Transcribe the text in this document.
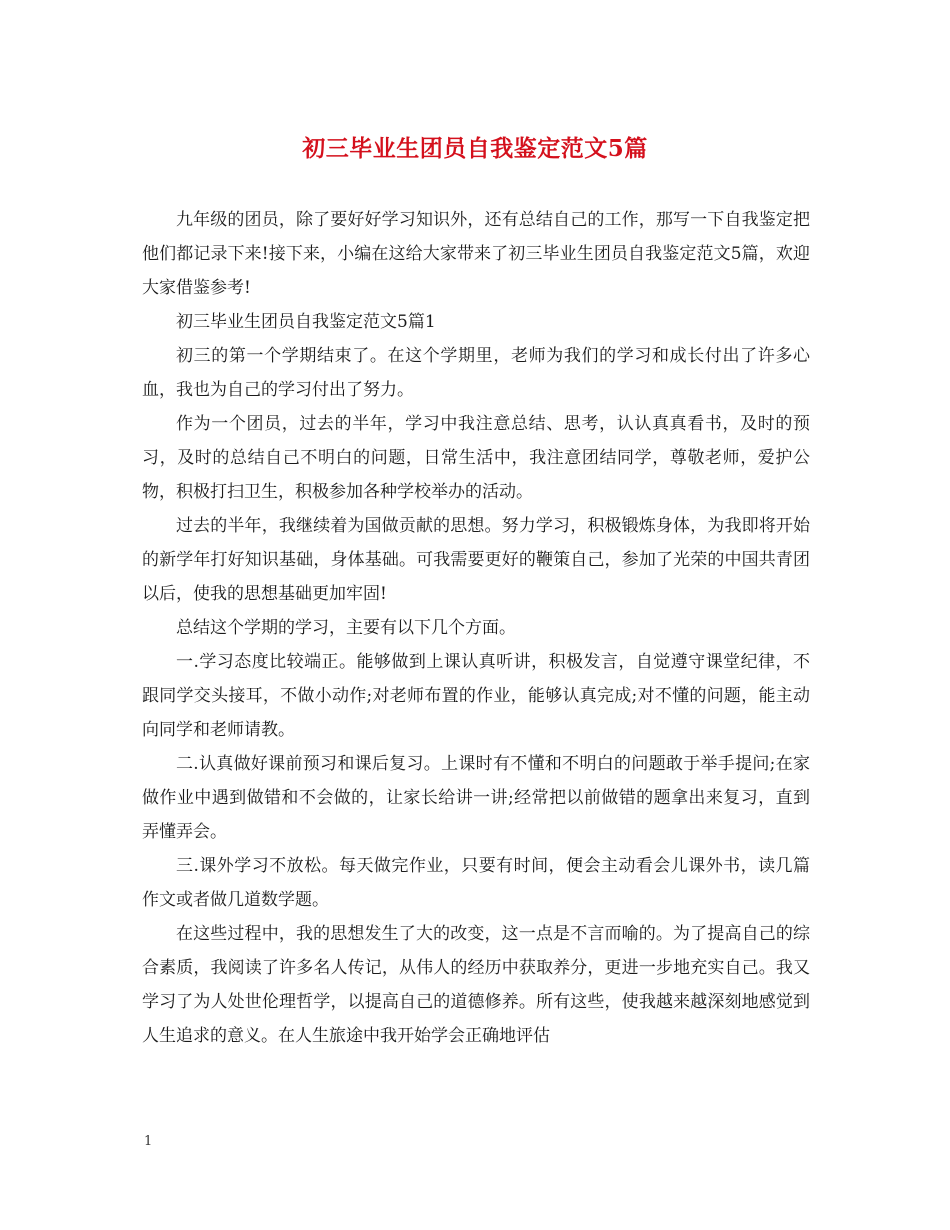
初三毕业生团员自我鉴定范文5篇

九年级的团员，除了要好好学习知识外，还有总结自己的工作，那写一下自我鉴定把他们都记录下来!接下来，小编在这给大家带来了初三毕业生团员自我鉴定范文5篇，欢迎大家借鉴参考!

初三毕业生团员自我鉴定范文5篇1

初三的第一个学期结束了。在这个学期里，老师为我们的学习和成长付出了许多心血，我也为自己的学习付出了努力。

作为一个团员，过去的半年，学习中我注意总结、思考，认认真真看书，及时的预习，及时的总结自己不明白的问题，日常生活中，我注意团结同学，尊敬老师，爱护公物，积极打扫卫生，积极参加各种学校举办的活动。

过去的半年，我继续着为国做贡献的思想。努力学习，积极锻炼身体，为我即将开始的新学年打好知识基础，身体基础。可我需要更好的鞭策自己，参加了光荣的中国共青团以后，使我的思想基础更加牢固!

总结这个学期的学习，主要有以下几个方面。

一.学习态度比较端正。能够做到上课认真听讲，积极发言，自觉遵守课堂纪律，不跟同学交头接耳，不做小动作;对老师布置的作业，能够认真完成;对不懂的问题，能主动向同学和老师请教。

二.认真做好课前预习和课后复习。上课时有不懂和不明白的问题敢于举手提问;在家做作业中遇到做错和不会做的，让家长给讲一讲;经常把以前做错的题拿出来复习，直到弄懂弄会。

三.课外学习不放松。每天做完作业，只要有时间，便会主动看会儿课外书，读几篇作文或者做几道数学题。

在这些过程中，我的思想发生了大的改变，这一点是不言而喻的。为了提高自己的综合素质，我阅读了许多名人传记，从伟人的经历中获取养分，更进一步地充实自己。我又学习了为人处世伦理哲学，以提高自己的道德修养。所有这些，使我越来越深刻地感觉到人生追求的意义。在人生旅途中我开始学会正确地评估

1
